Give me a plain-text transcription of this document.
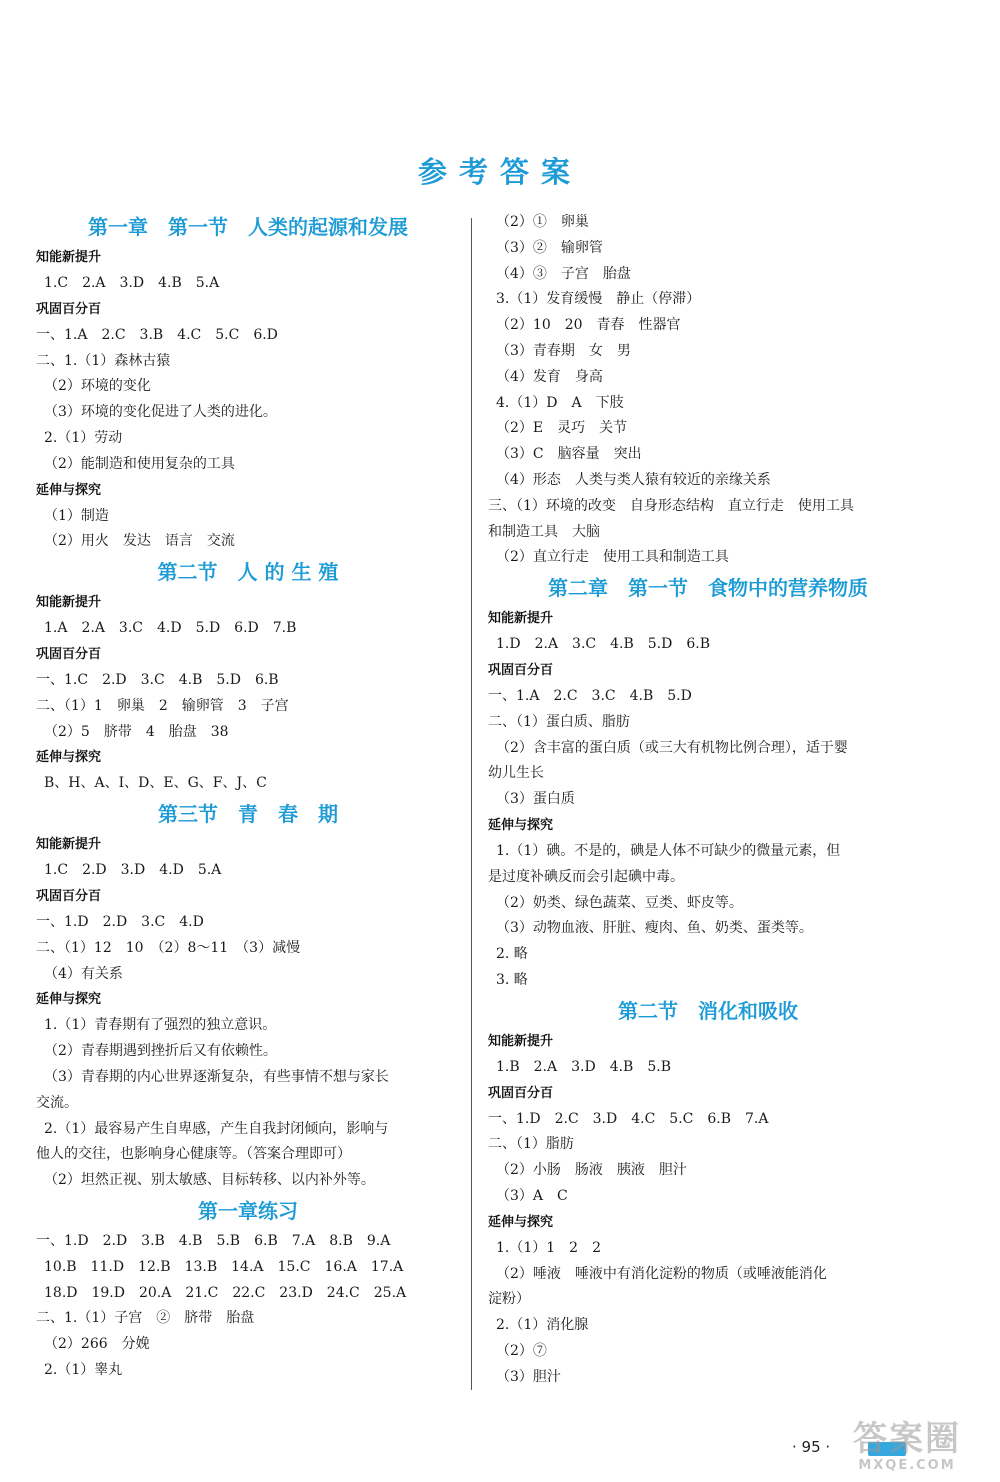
参考答案
第一章　第一节　人类的起源和发展
知能新提升
1.C　2.A　3.D　4.B　5.A
巩固百分百
一、1.A　2.C　3.B　4.C　5.C　6.D
二、1.（1）森林古猿
（2）环境的变化
（3）环境的变化促进了人类的进化。
2.（1）劳动
（2）能制造和使用复杂的工具
延伸与探究
（1）制造
（2）用火　发达　语言　交流
第二节　人 的 生 殖
知能新提升
1.A　2.A　3.C　4.D　5.D　6.D　7.B
巩固百分百
一、1.C　2.D　3.C　4.B　5.D　6.B
二、（1）1　卵巢　2　输卵管　3　子宫
（2）5　脐带　4　胎盘　38
延伸与探究
B、H、A、I、D、E、G、F、J、C
第三节　青　春　期
知能新提升
1.C　2.D　3.D　4.D　5.A
巩固百分百
一、1.D　2.D　3.C　4.D
二、（1）12　10　（2）8～11　（3）减慢
（4）有关系
延伸与探究
1.（1）青春期有了强烈的独立意识。
（2）青春期遇到挫折后又有依赖性。
（3）青春期的内心世界逐渐复杂，有些事情不想与家长
交流。
2.（1）最容易产生自卑感，产生自我封闭倾向，影响与
他人的交往，也影响身心健康等。（答案合理即可）
（2）坦然正视、别太敏感、目标转移、以内补外等。
第一章练习
一、1.D　2.D　3.B　4.B　5.B　6.B　7.A　8.B　9.A
10.B　11.D　12.B　13.B　14.A　15.C　16.A　17.A
18.D　19.D　20.A　21.C　22.C　23.D　24.C　25.A
二、1.（1）子宫　②　脐带　胎盘
（2）266　分娩
2.（1）睾丸
（2）①　卵巢
（3）②　输卵管
（4）③　子宫　胎盘
3.（1）发育缓慢　静止（停滞）
（2）10　20　青春　性器官
（3）青春期　女　男
（4）发育　身高
4.（1）D　A　下肢
（2）E　灵巧　关节
（3）C　脑容量　突出
（4）形态　人类与类人猿有较近的亲缘关系
三、（1）环境的改变　自身形态结构　直立行走　使用工具
和制造工具　大脑
（2）直立行走　使用工具和制造工具
第二章　第一节　食物中的营养物质
知能新提升
1.D　2.A　3.C　4.B　5.D　6.B
巩固百分百
一、1.A　2.C　3.C　4.B　5.D
二、（1）蛋白质、脂肪
（2）含丰富的蛋白质（或三大有机物比例合理），适于婴
幼儿生长
（3）蛋白质
延伸与探究
1.（1）碘。不是的，碘是人体不可缺少的微量元素，但
是过度补碘反而会引起碘中毒。
（2）奶类、绿色蔬菜、豆类、虾皮等。
（3）动物血液、肝脏、瘦肉、鱼、奶类、蛋类等。
2. 略
3. 略
第二节　消化和吸收
知能新提升
1.B　2.A　3.D　4.B　5.B
巩固百分百
一、1.D　2.C　3.D　4.C　5.C　6.B　7.A
二、（1）脂肪
（2）小肠　肠液　胰液　胆汁
（3）A　C
延伸与探究
1.（1）1　2　2
（2）唾液　唾液中有消化淀粉的物质（或唾液能消化
淀粉）
2.（1）消化腺
（2）⑦
（3）胆汁
· 95 · 答案圈
MXQE.COM
